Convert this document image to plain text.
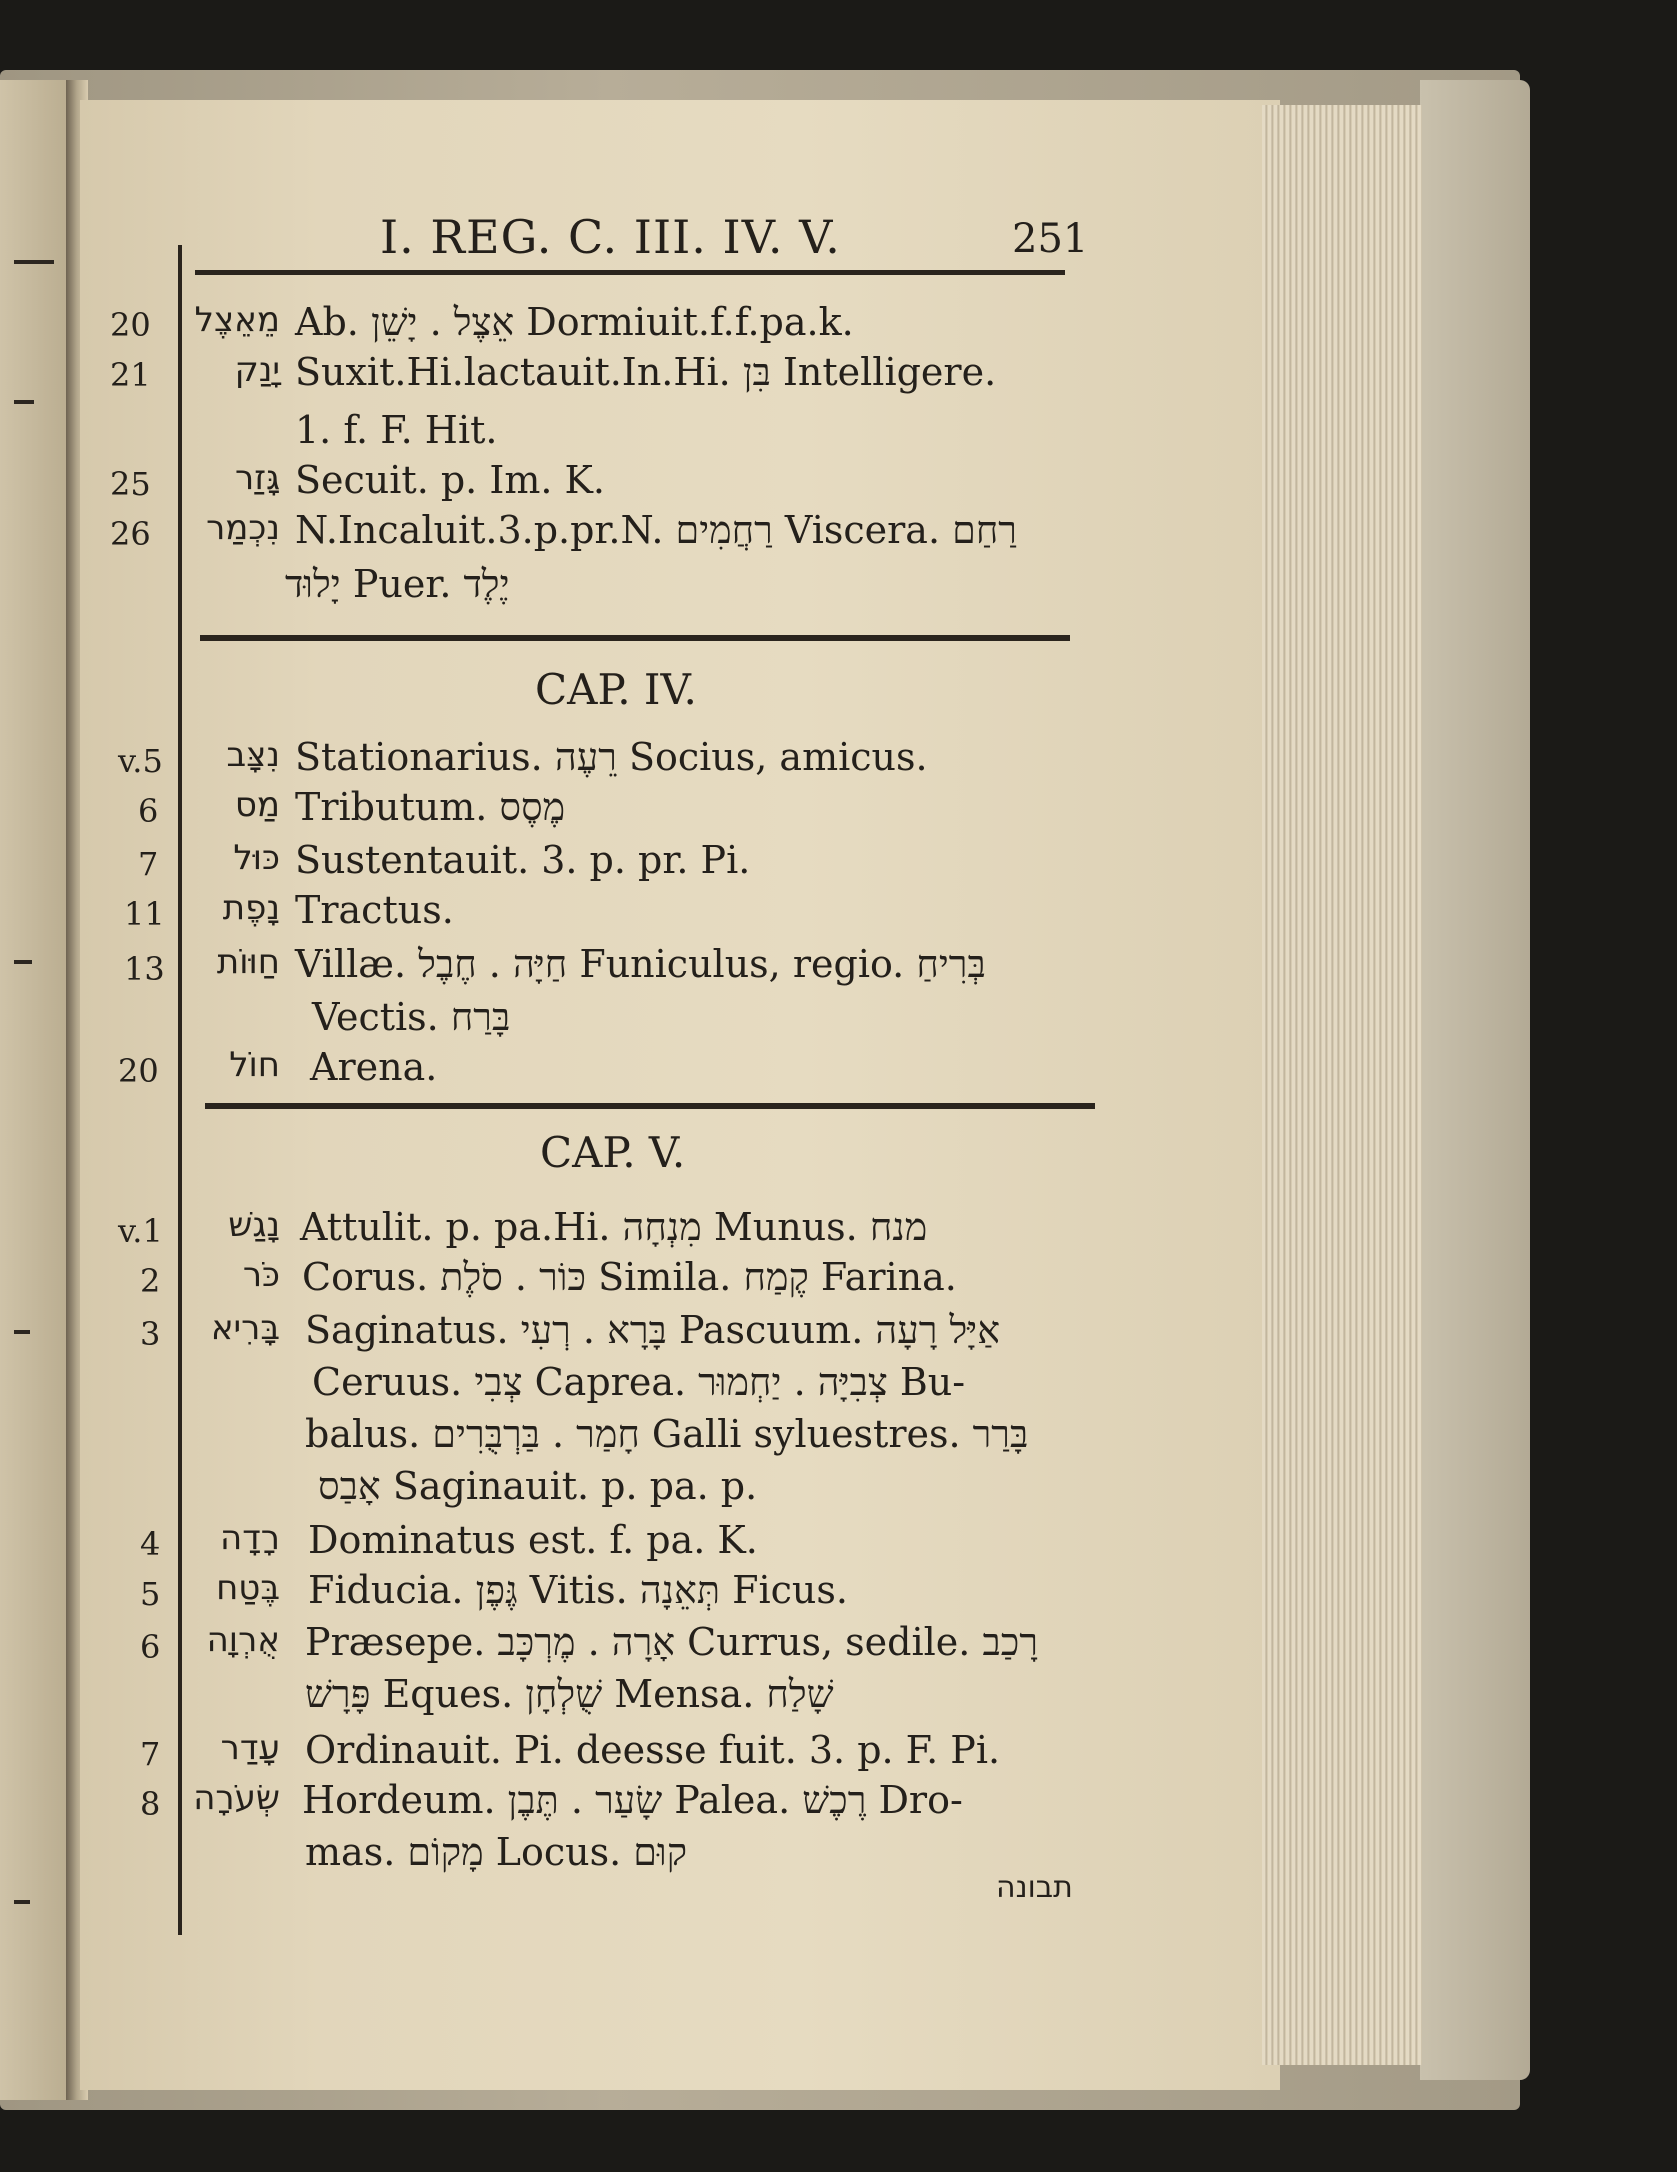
I. REG. C. III. IV. V.	251
20	מֵאֵצֶל Ab. אֵצֶל . יָשֵׁן Dormiuit.f.f.pa.k.
21	יָנַק Suxit.Hi.lactauit.In.Hi. בִּן Intelligere.
1. f. F. Hit.
25	גָּזַר Secuit. p. Im. K.
26	נִכְמַר N.Incaluit.3.p.pr.N. רַחֲמִים Viscera. רַחַם
יָלוּד Puer. יֶלֶד
CAP. IV.
v.5	נִצָּב Stationarius. רֵעֶה Socius, amicus.
6	מַס Tributum. מֶסֶס
7	כּוּל Sustentauit. 3. p. pr. Pi.
11	נָפֶת Tractus.
13	חַוּוֹת Villæ. חַיָּה . חֶבֶל Funiculus, regio. בְּרִיחַ
Vectis. בָּרַח
20	חוֹל Arena.
CAP. V.
v.1	נָגַשׁ Attulit. p. pa.Hi. מִנְחָה Munus. מנח
2	כֹּר Corus. כּוֹר . סֹלֶת Simila. קֶמַח Farina.
3	בָּרִיא Saginatus. בָּרָא . רְעִי Pascuum. אַיָּל רָעָה
Ceruus. צְבִי Caprea. צְבִיָּה . יַחְמוּר Bu-
balus. חָמַר . בַּרְבֻּרִים Galli syluestres. בָּרַר
אָבַס Saginauit. p. pa. p.
4	רָדָה Dominatus est. f. pa. K.
5	בֶּטַח Fiducia. גֶּפֶן Vitis. תְּאֵנָה Ficus.
6	אֻרְוָה Præsepe. אָרָה . מֶרְכָּב Currus, sedile. רָכַב
פָּרָשׁ Eques. שֻׁלְחָן Mensa. שָׁלַח
7	עָדַר Ordinauit. Pi. deesse fuit. 3. p. F. Pi.
8 שְׂעֹרָה Hordeum. שָׂעַר . תֶּבֶן Palea. רֶכֶשׁ Dro-
mas. מָקוֹם Locus. קוּם
תבונה
